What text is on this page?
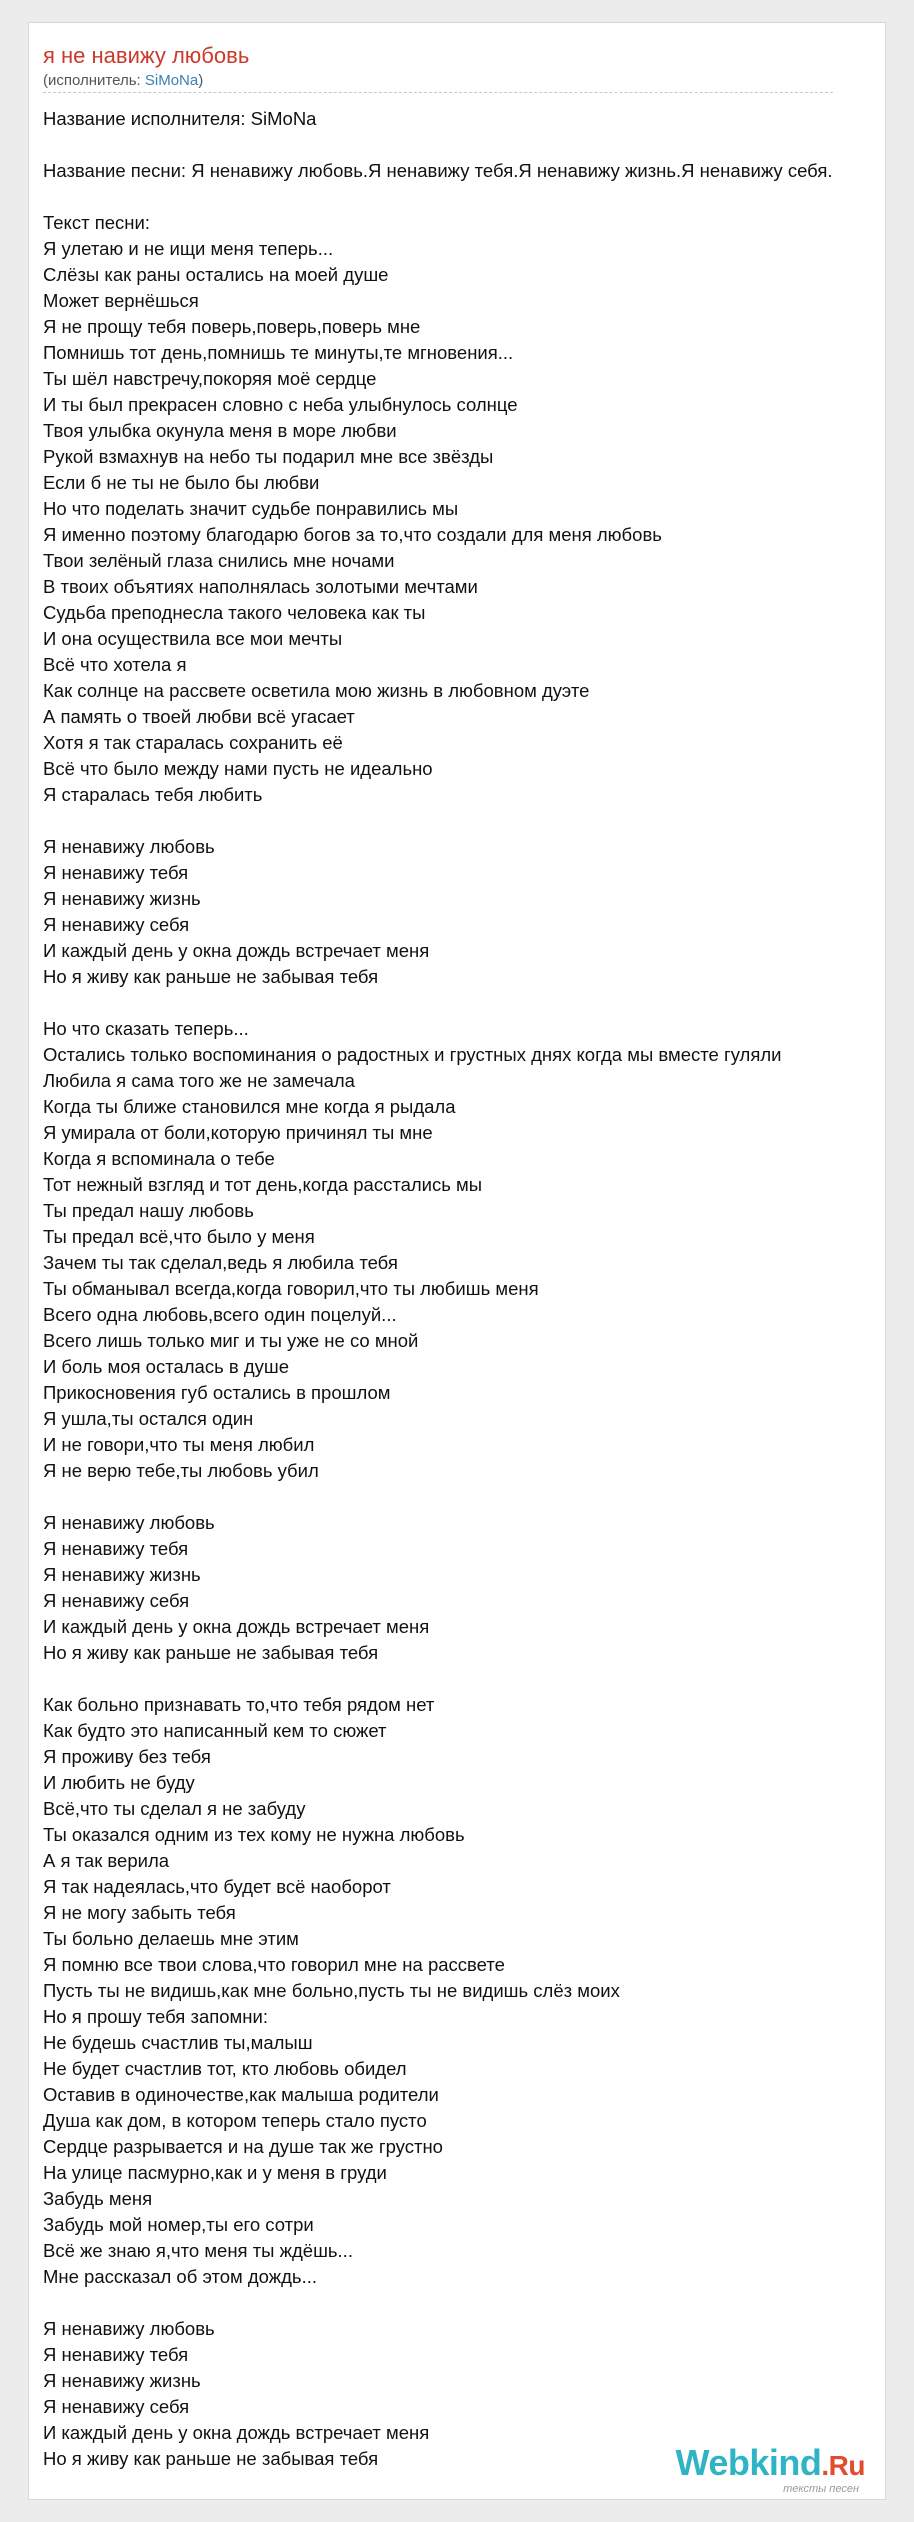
я не навижу любовь
(исполнитель: SiMoNa)
Название исполнителя: SiMoNa

Название песни: Я ненавижу любовь.Я ненавижу тебя.Я ненавижу жизнь.Я ненавижу себя.

Текст песни:
Я улетаю и не ищи меня теперь...
Слёзы как раны остались на моей душе
Может вернёшься
Я не прощу тебя поверь,поверь,поверь мне
Помнишь тот день,помнишь те минуты,те мгновения...
Ты шёл навстречу,покоряя моё сердце
И ты был прекрасен словно с неба улыбнулось солнце
Твоя улыбка окунула меня в море любви
Рукой взмахнув на небо ты подарил мне все звёзды
Если б не ты не было бы любви
Но что поделать значит судьбе понравились мы
Я именно поэтому благодарю богов за то,что создали для меня любовь
Твои зелёный глаза снились мне ночами
В твоих объятиях наполнялась золотыми мечтами
Судьба преподнесла такого человека как ты
И она осуществила все мои мечты
Всё что хотела я
Как солнце на рассвете осветила мою жизнь в любовном дуэте
А память о твоей любви всё угасает
Хотя я так старалась сохранить её
Всё что было между нами пусть не идеально
Я старалась тебя любить

Я ненавижу любовь
Я ненавижу тебя
Я ненавижу жизнь
Я ненавижу себя
И каждый день у окна дождь встречает меня
Но я живу как раньше не забывая тебя

Но что сказать теперь...
Остались только воспоминания о радостных и грустных днях когда мы вместе гуляли
Любила я сама того же не замечала
Когда ты ближе становился мне когда я рыдала
Я умирала от боли,которую причинял ты мне
Когда я вспоминала о тебе
Тот нежный взгляд и тот день,когда расстались мы
Ты предал нашу любовь
Ты предал всё,что было у меня
Зачем ты так сделал,ведь я любила тебя
Ты обманывал всегда,когда говорил,что ты любишь меня
Всего одна любовь,всего один поцелуй...
Всего лишь только миг и ты уже не со мной
И боль моя осталась в душе
Прикосновения губ остались в прошлом
Я ушла,ты остался один
И не говори,что ты меня любил
Я не верю тебе,ты любовь убил

Я ненавижу любовь
Я ненавижу тебя
Я ненавижу жизнь
Я ненавижу себя
И каждый день у окна дождь встречает меня
Но я живу как раньше не забывая тебя

Как больно признавать то,что тебя рядом нет
Как будто это написанный кем то сюжет
Я проживу без тебя
И любить не буду
Всё,что ты сделал я не забуду
Ты оказался одним из тех кому не нужна любовь
А я так верила
Я так надеялась,что будет всё наоборот
Я не могу забыть тебя
Ты больно делаешь мне этим
Я помню все твои слова,что говорил мне на рассвете
Пусть ты не видишь,как мне больно,пусть ты не видишь слёз моих
Но я прошу тебя запомни:
Не будешь счастлив ты,малыш
Не будет счастлив тот, кто любовь обидел
Оставив в одиночестве,как малыша родители
Душа как дом, в котором теперь стало пусто
Сердце разрывается и на душе так же грустно
На улице пасмурно,как и у меня в груди
Забудь меня
Забудь мой номер,ты его сотри
Всё же знаю я,что меня ты ждёшь...
Мне рассказал об этом дождь...

Я ненавижу любовь
Я ненавижу тебя
Я ненавижу жизнь
Я ненавижу себя
И каждый день у окна дождь встречает меня
Но я живу как раньше не забывая тебя	Webkind.Ru
тексты песен
